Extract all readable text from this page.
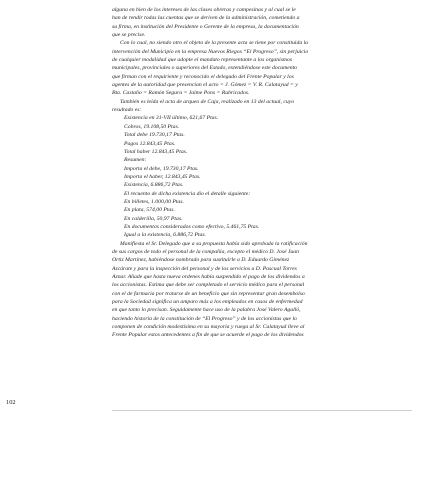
alguna en bien de los intereses de las clases obreras y campesinas y al cual se le
han de rendir todas las cuentas que se deriven de la administración, cometiendo a
su firma, en institución del Presidente o Gerente de la empresa, la documentación
que se precise.
Con lo cual, no siendo otro el objeto de la presente acta se tiene por constituida la
intervención del Municipio en la empresa Nuevos Riegos “El Progreso”, sin perjuicio
de cualquier modalidad que adopte el mandato representante a los organismos
municipales, provinciales o superiores del Estado, extendiéndose este documento
que firman con el requiriente y reconocido el delegado del Frente Popular y los
agentes de la autoridad que presencian el acto = J. Gómez = V. R. Calatayud = y
Bta. Castaño = Ramón Segura = Jaime Pons = Rubricados.
También es leída el acta de arqueo de Caja, realizado en 13 del actual, cuyo
resultado es:
Existencia en 31-VII último, 621,67 Ptas.
Cobros, 19.108,50 Ptas.
Total debe 19.730,17 Ptas.
Pagos 12.843,45 Ptas.
Total haber 12.843,45 Ptas.
Resumen:
Importa el debe, 19.730,17 Ptas.
Importa el haber, 12.843,45 Ptas.
Existencia, 6.886,72 Ptas.
El recuento de dicha existencia dio el detalle siguiente:
En billetes, 1.000,00 Ptas.
En plata, 574,00 Ptas.
En calderilla, 50,97 Ptas.
En documentos considerados como efectivo, 5.461,75 Ptas.
Igual a la existencia, 6.886,72 Ptas.
Manifiesta el Sr. Delegado que a su propuesta había sido aprobada la ratificación
de sus cargos de todo el personal de la compañía, excepto el médico D. José Juan
Ortiz Martínez, habiéndose nombrado para sustituirle a D. Eduardo Giménez
Azcárate y para la inspección del personal y de los servicios a D. Pascual Torres
Aznar. Añade que hasta nueva ordenes había suspendido el pago de los dividendos a
los accionistas. Estima que debe ser completado el servicio médico para el personal
con el de farmacia por tratarse de un beneficio que sin representar gran desembolso
para la Sociedad significa un amparo más a los empleados en casos de enfermedad
en que tanto lo precisan. Seguidamente hace uso de la palabra José Valero Agulló,
haciendo historia de la constitución de “El Progreso” y de los accionistas que lo
componen de condición modestísima en su mayoría y ruega al Sr. Calatayud lleve al
Frente Popular estos antecedentes a fin de que se acuerde el pago de los dividendos
102
